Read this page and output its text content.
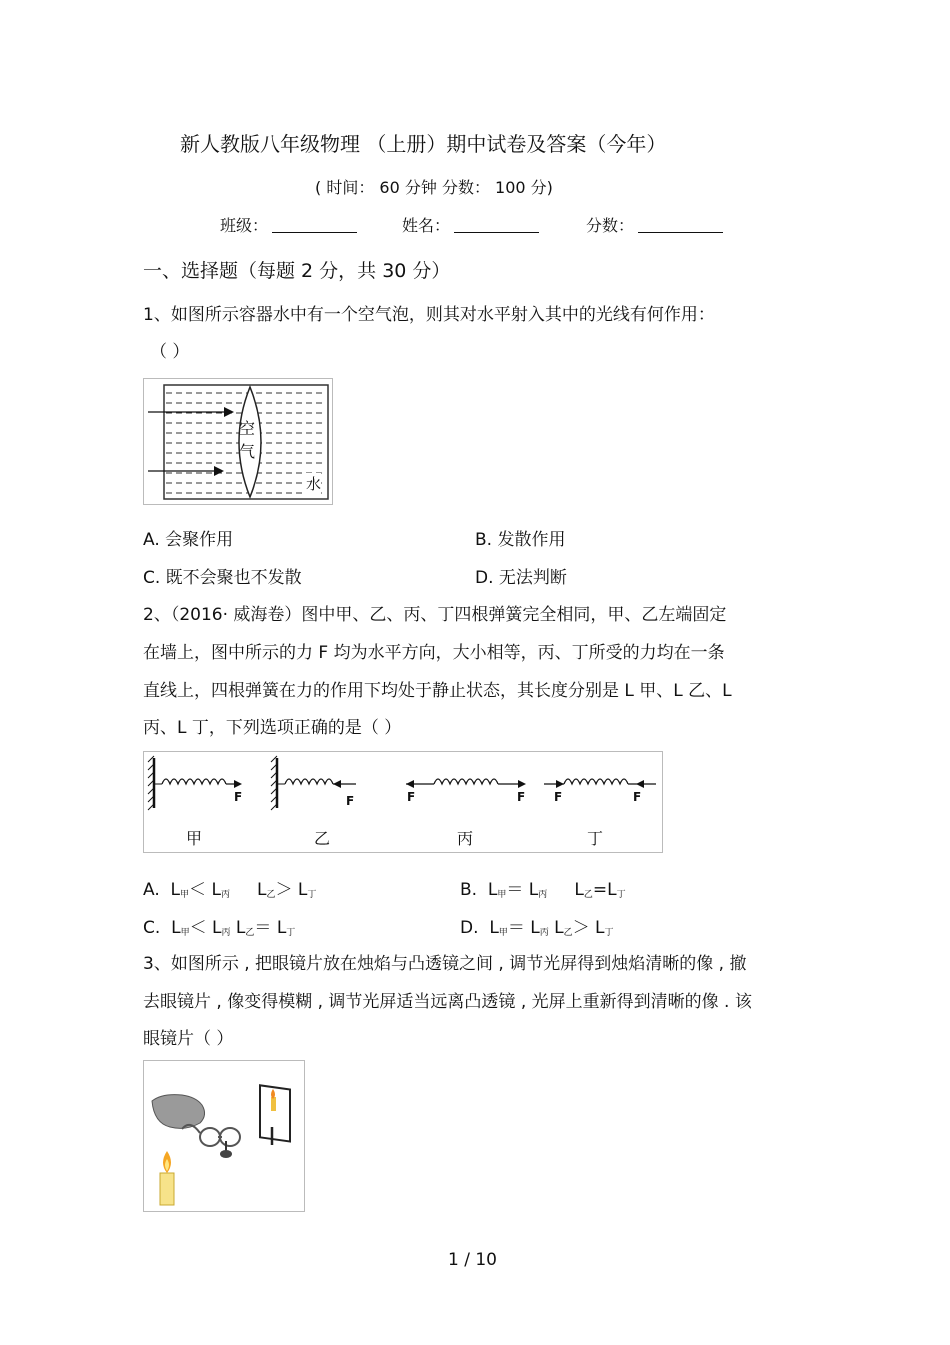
新人教版八年级物理 （上册）期中试卷及答案（今年）
( 时间： 60 分钟 分数： 100 分)
班级：	姓名：	分数：
一、选择题（每题 2 分，共 30 分）
1、如图所示容器水中有一个空气泡，则其对水平射入其中的光线有何作用：
（ ）
空
气
水
A. 会聚作用	B. 发散作用
C. 既不会聚也不发散	D. 无法判断
2、（2016· 威海卷）图中甲、乙、丙、丁四根弹簧完全相同，甲、乙左端固定
在墙上，图中所示的力 F 均为水平方向，大小相等，丙、丁所受的力均在一条
直线上，四根弹簧在力的作用下均处于静止状态，其长度分别是 L 甲、L 乙、L
丙、L 丁，下列选项正确的是（ ）
F	F	F	F F	F
甲	乙	丙	丁
A. $L_甲< L_丙$ $L_乙> L_丁$	B. $L_甲= L_丙$ $L_乙=L_丁$
C. $L_甲< L_丙$ $L_乙= L_丁$	D. $L_甲= L_丙$ $L_乙> L_丁$
3、如图所示 , 把眼镜片放在烛焰与凸透镜之间 , 调节光屏得到烛焰清晰的像 , 撤
去眼镜片 , 像变得模糊 , 调节光屏适当远离凸透镜 , 光屏上重新得到清晰的像 . 该
眼镜片（ ）
1 / 10
